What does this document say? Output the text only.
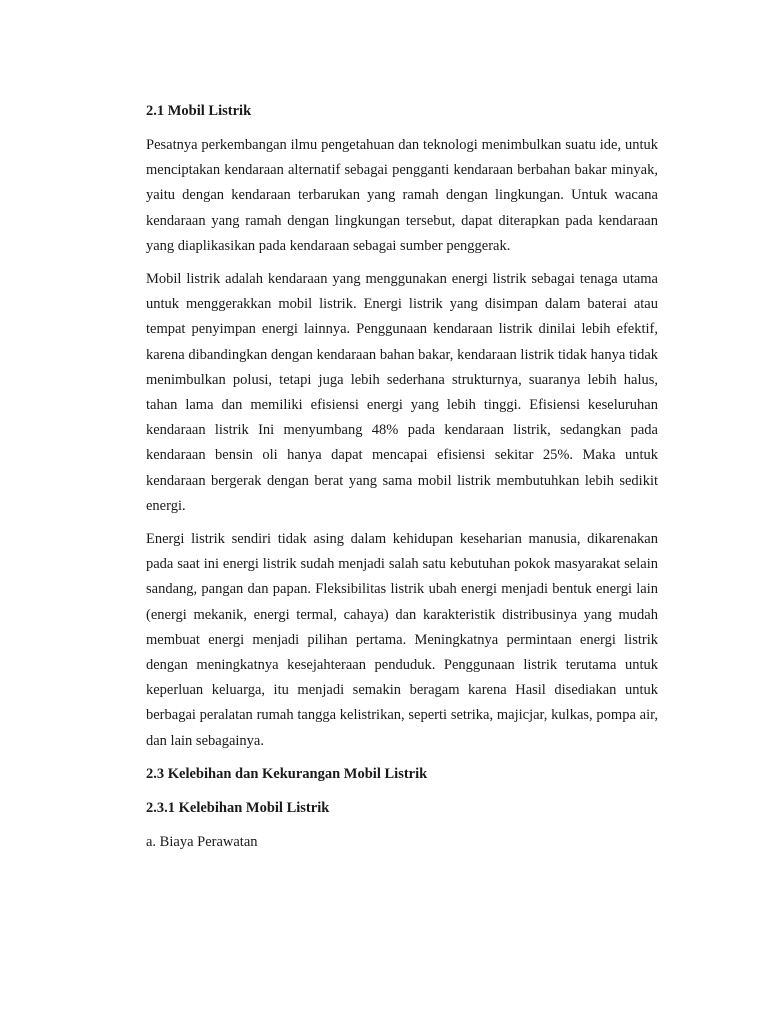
2.1 Mobil Listrik

Pesatnya perkembangan ilmu pengetahuan dan teknologi menimbulkan suatu ide, untuk menciptakan kendaraan alternatif sebagai pengganti kendaraan berbahan bakar minyak, yaitu dengan kendaraan terbarukan yang ramah dengan lingkungan. Untuk wacana kendaraan yang ramah dengan lingkungan tersebut, dapat diterapkan pada kendaraan yang diaplikasikan pada kendaraan sebagai sumber penggerak.

Mobil listrik adalah kendaraan yang menggunakan energi listrik sebagai tenaga utama untuk menggerakkan mobil listrik. Energi listrik yang disimpan dalam baterai atau tempat penyimpan energi lainnya. Penggunaan kendaraan listrik dinilai lebih efektif, karena dibandingkan dengan kendaraan bahan bakar, kendaraan listrik tidak hanya tidak menimbulkan polusi, tetapi juga lebih sederhana strukturnya, suaranya lebih halus, tahan lama dan memiliki efisiensi energi yang lebih tinggi. Efisiensi keseluruhan kendaraan listrik Ini menyumbang 48% pada kendaraan listrik, sedangkan pada kendaraan bensin oli hanya dapat mencapai efisiensi sekitar 25%. Maka untuk kendaraan bergerak dengan berat yang sama mobil listrik membutuhkan lebih sedikit energi.

Energi listrik sendiri tidak asing dalam kehidupan keseharian manusia, dikarenakan pada saat ini energi listrik sudah menjadi salah satu kebutuhan pokok masyarakat selain sandang, pangan dan papan. Fleksibilitas listrik ubah energi menjadi bentuk energi lain (energi mekanik, energi termal, cahaya) dan karakteristik distribusinya yang mudah membuat energi menjadi pilihan pertama. Meningkatnya permintaan energi listrik dengan meningkatnya kesejahteraan penduduk. Penggunaan listrik terutama untuk keperluan keluarga, itu menjadi semakin beragam karena Hasil disediakan untuk berbagai peralatan rumah tangga kelistrikan, seperti setrika, majicjar, kulkas, pompa air, dan lain sebagainya.

2.3 Kelebihan dan Kekurangan Mobil Listrik

2.3.1 Kelebihan Mobil Listrik

a. Biaya Perawatan
